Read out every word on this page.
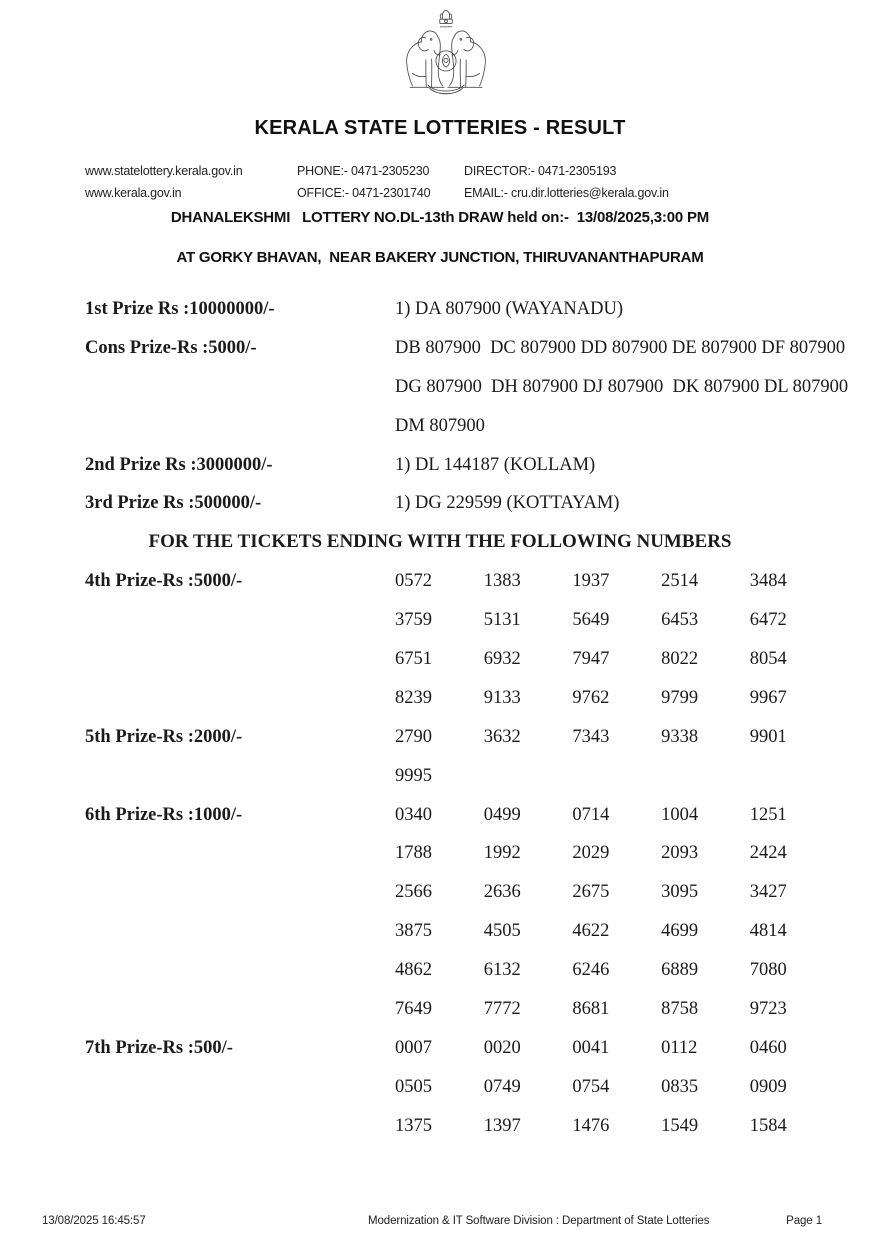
KERALA STATE LOTTERIES - RESULT
www.statelottery.kerala.gov.in	PHONE:- 0471-2305230	DIRECTOR:- 0471-2305193
www.kerala.gov.in	OFFICE:- 0471-2301740	EMAIL:- cru.dir.lotteries@kerala.gov.in
DHANALEKSHMI   LOTTERY NO.DL-13th DRAW held on:-  13/08/2025,3:00 PM
AT GORKY BHAVAN,  NEAR BAKERY JUNCTION, THIRUVANANTHAPURAM
1st Prize Rs :10000000/-	1) DA 807900 (WAYANADU)
Cons Prize-Rs :5000/-	DB 807900  DC 807900 DD 807900 DE 807900 DF 807900
DG 807900  DH 807900 DJ 807900  DK 807900 DL 807900
DM 807900
2nd Prize Rs :3000000/-	1) DL 144187 (KOLLAM)
3rd Prize Rs :500000/-	1) DG 229599 (KOTTAYAM)
FOR THE TICKETS ENDING WITH THE FOLLOWING NUMBERS
4th Prize-Rs :5000/-	0572	1383	1937	2514	3484
3759	5131	5649	6453	6472
6751	6932	7947	8022	8054
8239	9133	9762	9799	9967
5th Prize-Rs :2000/-	2790	3632	7343	9338	9901
9995
6th Prize-Rs :1000/-	0340	0499	0714	1004	1251
1788	1992	2029	2093	2424
2566	2636	2675	3095	3427
3875	4505	4622	4699	4814
4862	6132	6246	6889	7080
7649	7772	8681	8758	9723
7th Prize-Rs :500/-	0007	0020	0041	0112	0460
0505	0749	0754	0835	0909
1375	1397	1476	1549	1584
13/08/2025 16:45:57	Modernization & IT Software Division : Department of State Lotteries	Page 1
